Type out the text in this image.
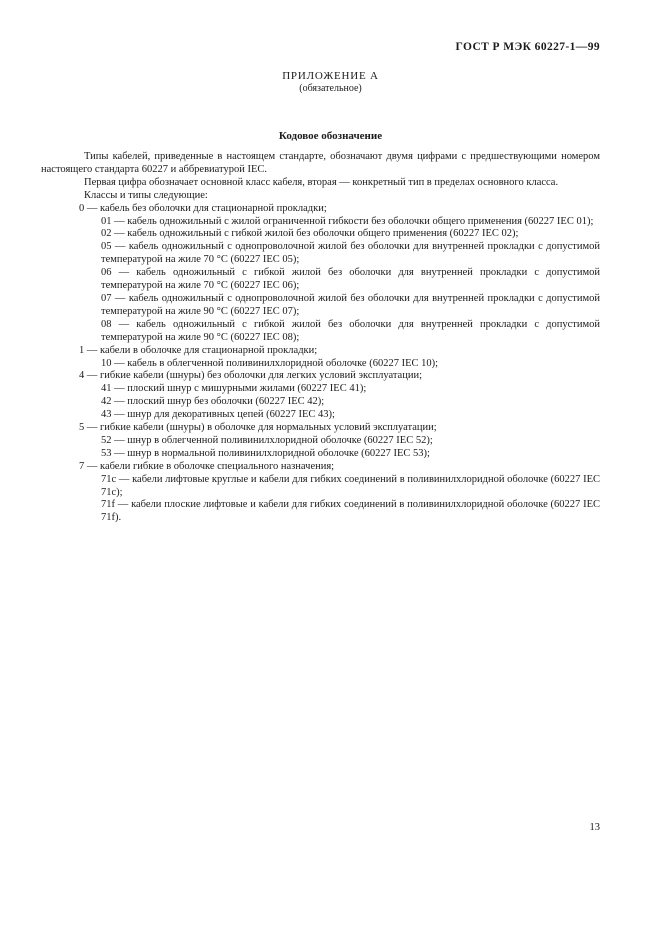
ГОСТ Р МЭК 60227-1—99
ПРИЛОЖЕНИЕ А
(обязательное)
Кодовое обозначение

Типы кабелей, приведенные в настоящем стандарте, обозначают двумя цифрами с предшествующими номером настоящего стандарта 60227 и аббревиатурой IEC.

Первая цифра обозначает основной класс кабеля, вторая — конкретный тип в пределах основного класса.

Классы и типы следующие:

0 — кабель без оболочки для стационарной прокладки;

01 — кабель одножильный с жилой ограниченной гибкости без оболочки общего применения (60227 IEC 01);

02 — кабель одножильный с гибкой жилой без оболочки общего применения (60227 IEC 02);

05 — кабель одножильный с однопроволочной жилой без оболочки для внутренней прокладки с допустимой температурой на жиле 70 °С (60227 IEC 05);

06 — кабель одножильный с гибкой жилой без оболочки для внутренней прокладки с допустимой температурой на жиле 70 °С (60227 IEC 06);

07 — кабель одножильный с однопроволочной жилой без оболочки для внутренней прокладки с допустимой температурой на жиле 90 °С (60227 IEC 07);

08 — кабель одножильный с гибкой жилой без оболочки для внутренней прокладки с допустимой температурой на жиле 90 °С (60227 IEC 08);

1 — кабели в оболочке для стационарной прокладки;

10 — кабель в облегченной поливинилхлоридной оболочке (60227 IEC 10);

4 — гибкие кабели (шнуры) без оболочки для легких условий эксплуатации;

41 — плоский шнур с мишурными жилами (60227 IEC 41);

42 — плоский шнур без оболочки (60227 IEC 42);

43 — шнур для декоративных цепей (60227 IEC 43);

5 — гибкие кабели (шнуры) в оболочке для нормальных условий эксплуатации;

52 — шнур в облегченной поливинилхлоридной оболочке (60227 IEC 52);

53 — шнур в нормальной поливинилхлоридной оболочке (60227 IEC 53);

7 — кабели гибкие в оболочке специального назначения;

71с — кабели лифтовые круглые и кабели для гибких соединений в поливинилхлоридной оболочке (60227 IEC 71с);

71f — кабели плоские лифтовые и кабели для гибких соединений в поливинилхлоридной оболочке (60227 IEC 71f).

13
